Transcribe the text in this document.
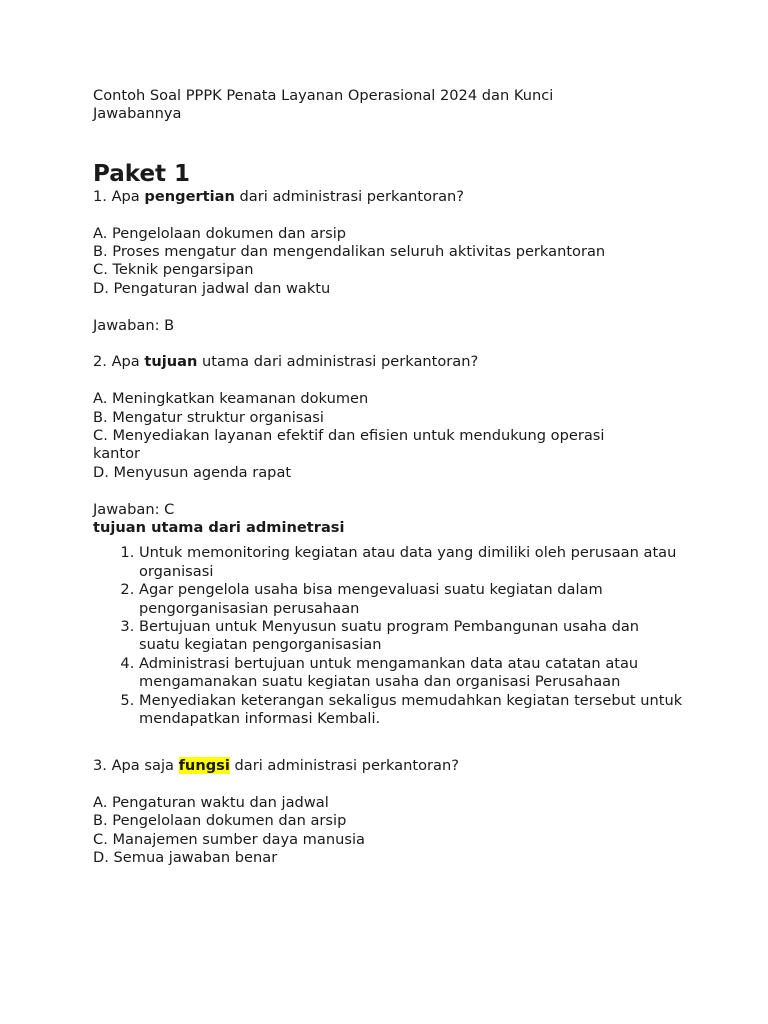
Contoh Soal PPPK Penata Layanan Operasional 2024 dan Kunci Jawabannya

Paket 1

1. Apa pengertian dari administrasi perkantoran?

A. Pengelolaan dokumen dan arsip

B. Proses mengatur dan mengendalikan seluruh aktivitas perkantoran

C. Teknik pengarsipan

D. Pengaturan jadwal dan waktu

Jawaban: B

2. Apa tujuan utama dari administrasi perkantoran?

A. Meningkatkan keamanan dokumen

B. Mengatur struktur organisasi

C. Menyediakan layanan efektif dan efisien untuk mendukung operasi kantor

D. Menyusun agenda rapat

Jawaban: C

tujuan utama dari adminetrasi

1. Untuk memonitoring kegiatan atau data yang dimiliki oleh perusaan atau organisasi
2. Agar pengelola usaha bisa mengevaluasi suatu kegiatan dalam pengorganisasian perusahaan
3. Bertujuan untuk Menyusun suatu program Pembangunan usaha dan suatu kegiatan pengorganisasian
4. Administrasi bertujuan untuk mengamankan data atau catatan atau mengamanakan suatu kegiatan usaha dan organisasi Perusahaan
5. Menyediakan keterangan sekaligus memudahkan kegiatan tersebut untuk mendapatkan informasi Kembali.

3. Apa saja fungsi dari administrasi perkantoran?

A. Pengaturan waktu dan jadwal

B. Pengelolaan dokumen dan arsip

C. Manajemen sumber daya manusia

D. Semua jawaban benar
